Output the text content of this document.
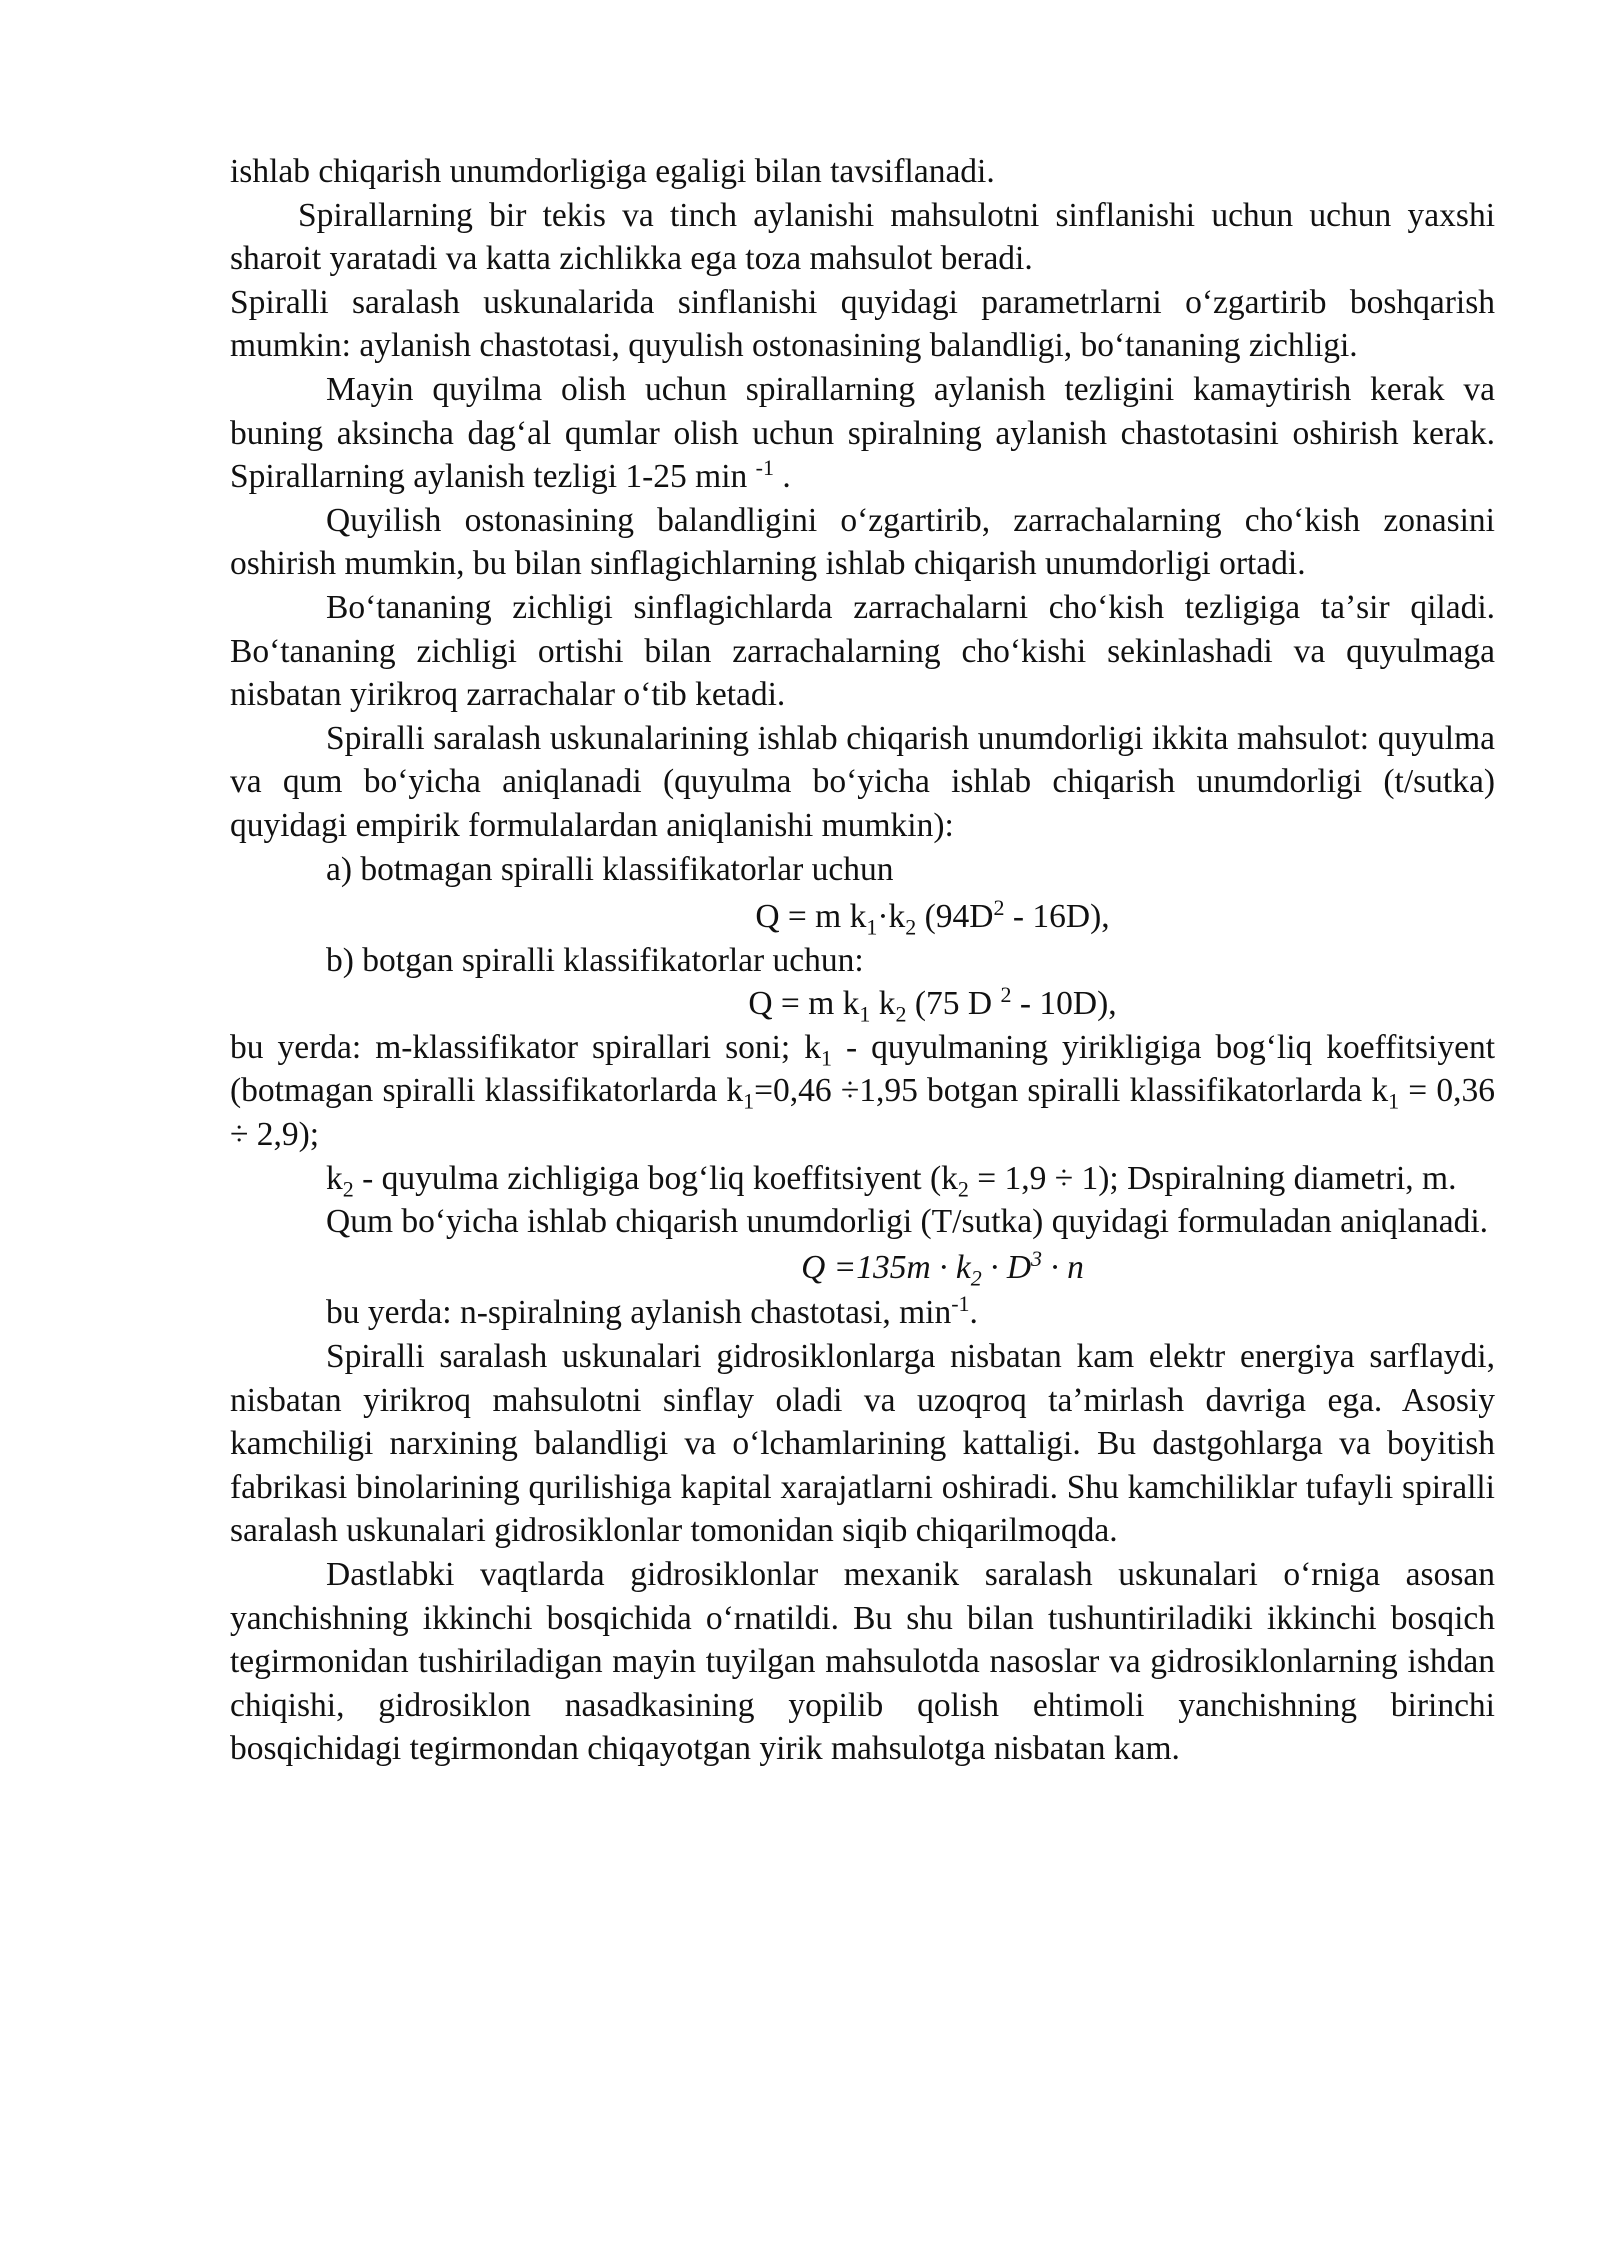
ishlab chiqarish unumdorligiga egaligi bilan tavsiflanadi.

Spirallarning bir tekis va tinch aylanishi mahsulotni sinflanishi uchun uchun yaxshi sharoit yaratadi va katta zichlikka ega toza mahsulot beradi.

Spiralli saralash uskunalarida sinflanishi quyidagi parametrlarni oʻzgartirib boshqarish mumkin: aylanish chastotasi, quyulish ostonasining balandligi, boʻtananing zichligi.

Mayin quyilma olish uchun spirallarning aylanish tezligini kamaytirish kerak va buning aksincha dagʻal qumlar olish uchun spiralning aylanish chastotasini oshirish kerak. Spirallarning aylanish tezligi 1-25 min $^{-1}$ .

Quyilish ostonasining balandligini oʻzgartirib, zarrachalarning choʻkish zonasini oshirish mumkin, bu bilan sinflagichlarning ishlab chiqarish unumdorligi ortadi.

Boʻtananing zichligi sinflagichlarda zarrachalarni choʻkish tezligiga taʼsir qiladi. Boʻtananing zichligi ortishi bilan zarrachalarning choʻkishi sekinlashadi va quyulmaga nisbatan yirikroq zarrachalar oʻtib ketadi.

Spiralli saralash uskunalarining ishlab chiqarish unumdorligi ikkita mahsulot: quyulma va qum boʻyicha aniqlanadi (quyulma boʻyicha ishlab chiqarish unumdorligi (t/sutka) quyidagi empirik formulalardan aniqlanishi mumkin):

a) botmagan spiralli klassifikatorlar uchun

Q = m $k_1\cdot k_2$ $(94D^2 - 16D)$,

b) botgan spiralli klassifikatorlar uchun:

Q = m $k_1$ $k_2$ (75 D $^2$ - 10D),

bu yerda: m-klassifikator spirallari soni; $k_1$ - quyulmaning yirikligiga bogʻliq koeffitsiyent (botmagan spiralli klassifikatorlarda $k_1=0,46 \div 1,95$ botgan spiralli klassifikatorlarda $k_1 = 0,36 \div 2,9$);

$k_2$ - quyulma zichligiga bogʻliq koeffitsiyent $(k_2 = 1,9 \div 1)$; Dspiralning diametri, m.

Qum boʻyicha ishlab chiqarish unumdorligi (T/sutka) quyidagi formuladan aniqlanadi.

$Q =135m \cdot k_2 \cdot D^3 \cdot n$

bu yerda: n-spiralning aylanish chastotasi, $\min^{-1}$.

Spiralli saralash uskunalari gidrosiklonlarga nisbatan kam elektr energiya sarflaydi, nisbatan yirikroq mahsulotni sinflay oladi va uzoqroq taʼmirlash davriga ega. Asosiy kamchiligi narxining balandligi va oʻlchamlarining kattaligi. Bu dastgohlarga va boyitish fabrikasi binolarining qurilishiga kapital xarajatlarni oshiradi. Shu kamchiliklar tufayli spiralli saralash uskunalari gidrosiklonlar tomonidan siqib chiqarilmoqda.

Dastlabki vaqtlarda gidrosiklonlar mexanik saralash uskunalari oʻrniga asosan yanchishning ikkinchi bosqichida oʻrnatildi. Bu shu bilan tushuntiriladiki ikkinchi bosqich tegirmonidan tushiriladigan mayin tuyilgan mahsulotda nasoslar va gidrosiklonlarning ishdan chiqishi, gidrosiklon nasadkasining yopilib qolish ehtimoli yanchishning birinchi bosqichidagi tegirmondan chiqayotgan yirik mahsulotga nisbatan kam.
